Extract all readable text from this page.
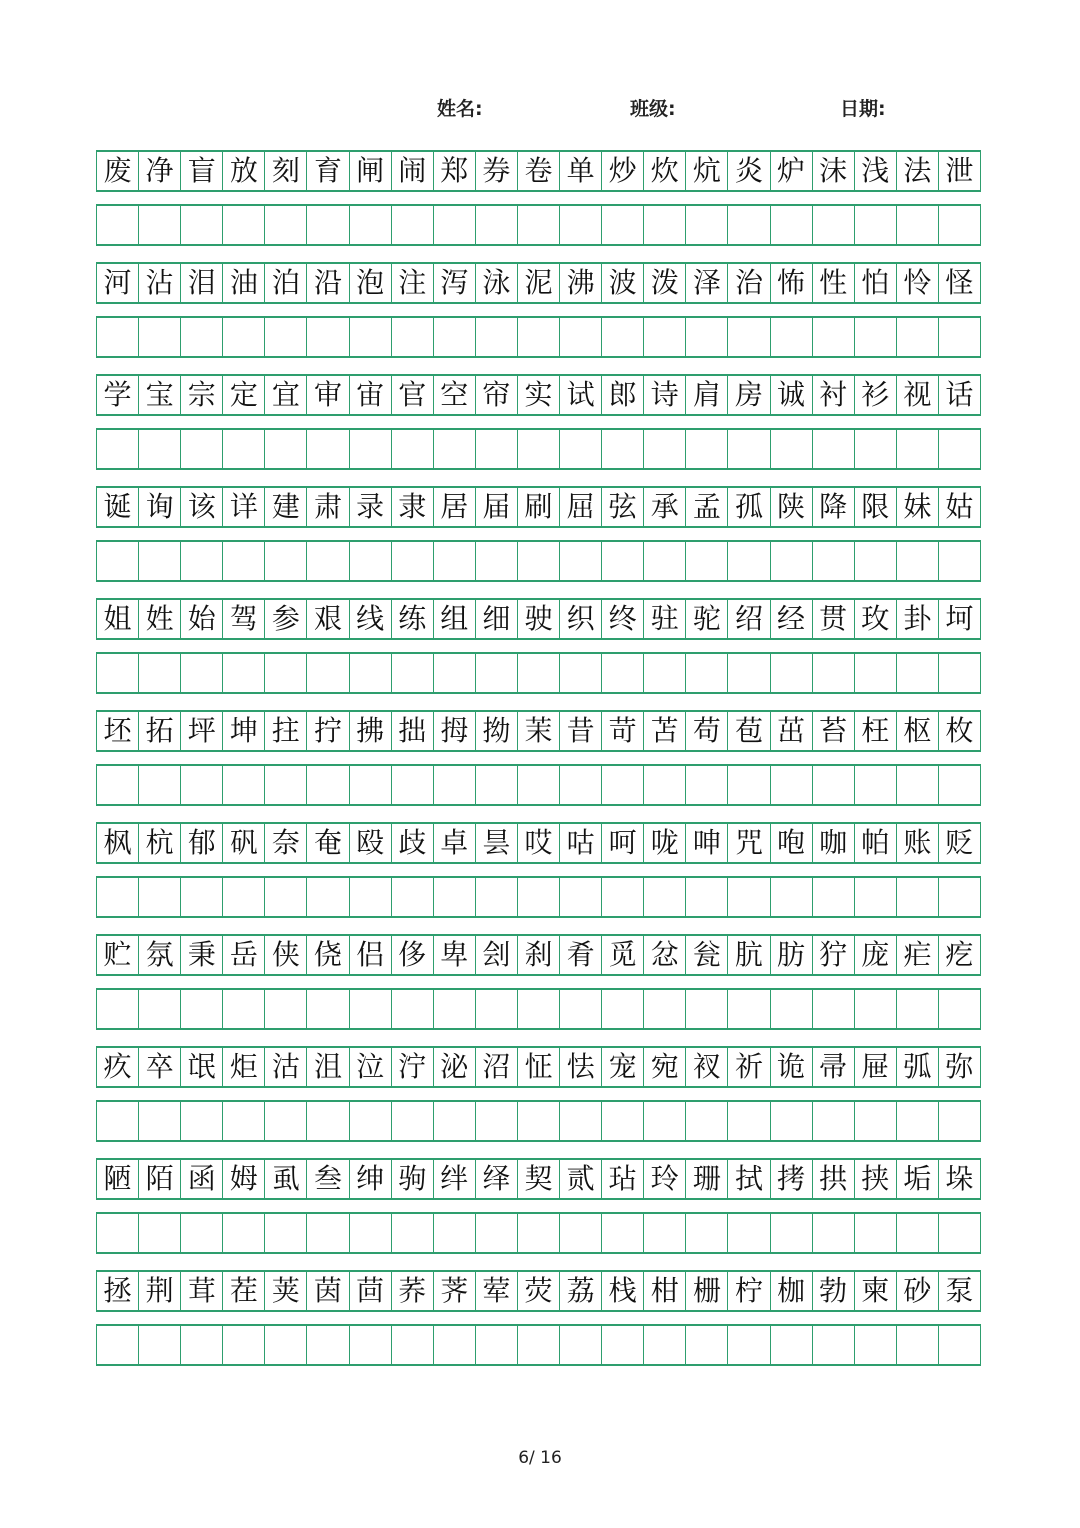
姓名:	班级:	日期:
废 净 盲 放 刻 育 闸 闹 郑 券 卷 单 炒 炊 炕 炎 炉 沫 浅 法 泄
河 沾 泪 油 泊 沿 泡 注 泻 泳 泥 沸 波 泼 泽 治 怖 性 怕 怜 怪
学 宝 宗 定 宜 审 宙 官 空 帘 实 试 郎 诗 肩 房 诚 衬 衫 视 话
诞 询 该 详 建 肃 录 隶 居 届 刷 屈 弦 承 孟 孤 陕 降 限 妹 姑
姐 姓 始 驾 参 艰 线 练 组 细 驶 织 终 驻 驼 绍 经 贯 玫 卦 坷
坯 拓 坪 坤 拄 拧 拂 拙 拇 拗 茉 昔 苛 苫 苟 苞 茁 苔 枉 枢 枚
枫 杭 郁 矾 奈 奄 殴 歧 卓 昙 哎 咕 呵 咙 呻 咒 咆 咖 帕 账 贬
贮 氛 秉 岳 侠 侥 侣 侈 卑 刽 刹 肴 觅 忿 瓮 肮 肪 狞 庞 疟 疙
疚 卒 氓 炬 沽 沮 泣 泞 泌 沼 怔 怯 宠 宛 衩 祈 诡 帚 屉 弧 弥
陋 陌 函 姆 虱 叁 绅 驹 绊 绎 契 贰 玷 玲 珊 拭 拷 拱 挟 垢 垛
拯 荆 茸 茬 荚 茵 茴 荞 荠 荤 荧 荔 栈 柑 栅 柠 枷 勃 柬 砂 泵
6/ 16
